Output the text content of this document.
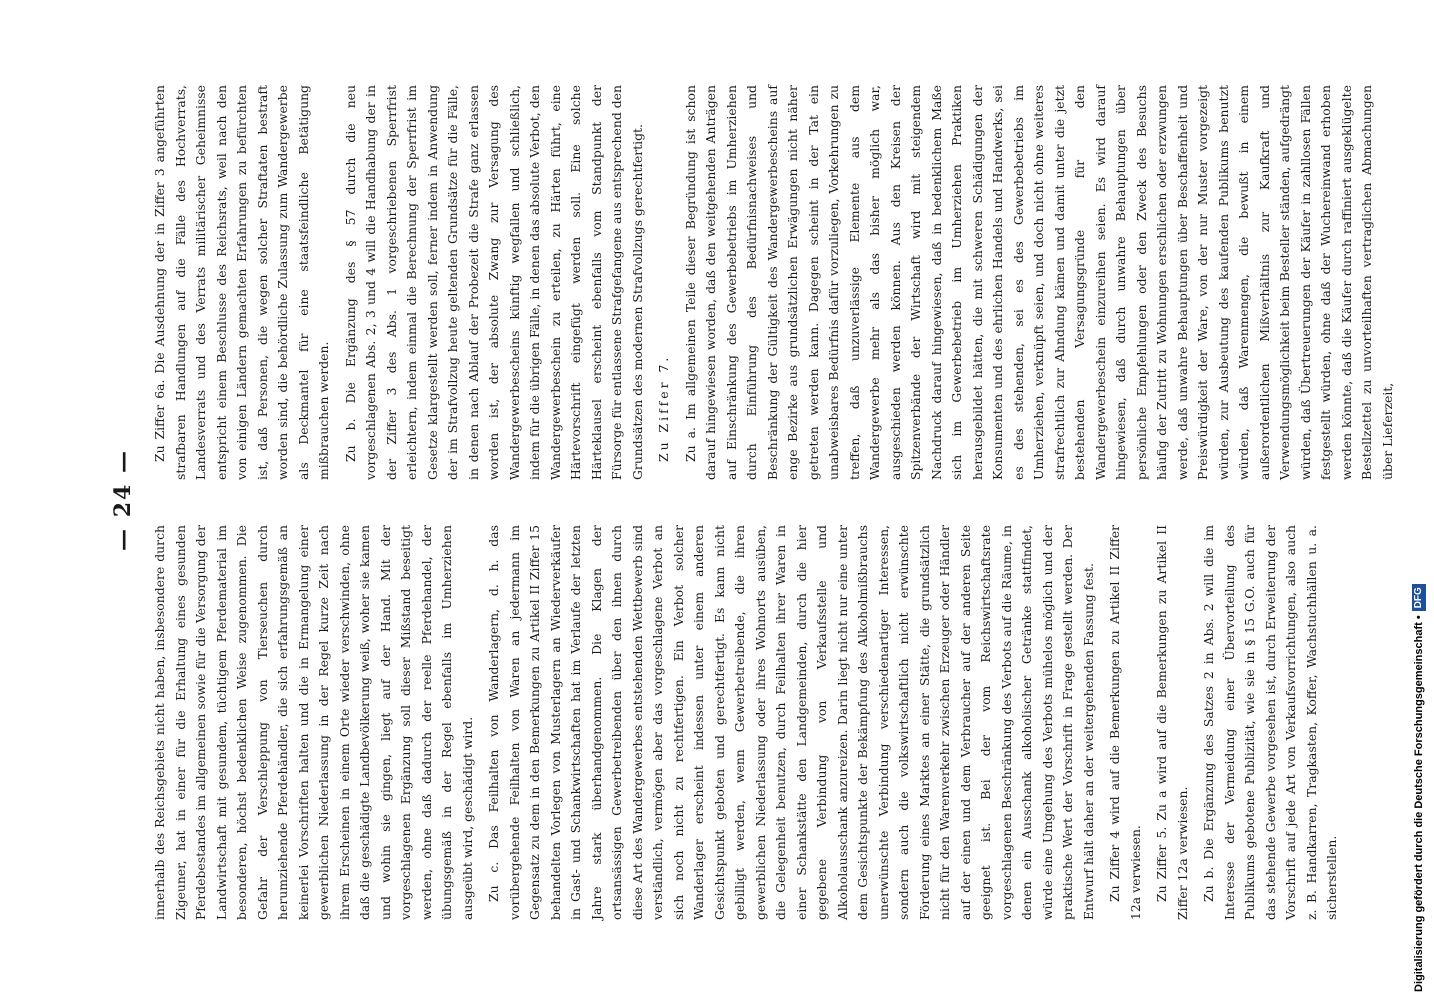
— 24 —

innerhalb des Reichsgebiets nicht haben, insbesondere durch Zigeuner, hat in einer für die Erhaltung eines gesunden Pferdebestandes im allgemeinen sowie für die Versorgung der Landwirtschaft mit gesundem, tüchtigem Pferdematerial im besonderen, höchst bedenklichen Weise zugenommen. Die Gefahr der Verschleppung von Tierseuchen durch herumziehende Pferdehändler, die sich erfahrungsgemäß an keinerlei Vorschriften halten und die in Ermangelung einer gewerblichen Niederlassung in der Regel kurze Zeit nach ihrem Erscheinen in einem Orte wieder verschwinden, ohne daß die geschädigte Landbevölkerung weiß, woher sie kamen und wohin sie gingen, liegt auf der Hand. Mit der vorgeschlagenen Ergänzung soll dieser Mißstand beseitigt werden, ohne daß dadurch der reelle Pferdehandel, der übungsgemäß in der Regel ebenfalls im Umherziehen ausgeübt wird, geschädigt wird. Zu c. Das Feilhalten von Wanderlagern, d. h. das vorübergehende Feilhalten von Waren an jedermann im Gegensatz zu dem in den Bemerkungen zu Artikel II Ziffer 15 behandelten Vorlegen von Musterlagern an Wiederverkäufer in Gast- und Schankwirtschaften hat im Verlaufe der letzten Jahre stark überhandgenommen. Die Klagen der ortsansässigen Gewerbetreibenden über den ihnen durch diese Art des Wandergewerbes entstehenden Wettbewerb sind verständlich, vermögen aber das vorgeschlagene Verbot an sich noch nicht zu rechtfertigen. Ein Verbot solcher Wanderlager erscheint indessen unter einem anderen Gesichtspunkt geboten und gerechtfertigt. Es kann nicht gebilligt werden, wenn Gewerbetreibende, die ihren gewerblichen Niederlassung oder ihres Wohnorts ausüben, die Gelegenheit benutzen, durch Feilhalten ihrer Waren in einer Schankstätte den Landgemeinden, durch die hier gegebene Verbindung von Verkaufsstelle und Alkoholausschank anzureizen. Darin liegt nicht nur eine unter dem Gesichtspunkte der Bekämpfung des Alkoholmißbrauchs unerwünschte Verbindung verschiedenartiger Interessen, sondern auch die volkswirtschaftlich nicht erwünschte Förderung eines Marktes an einer Stätte, die grundsätzlich nicht für den Warenverkehr zwischen Erzeuger oder Händler auf der einen und dem Verbraucher auf der anderen Seite geeignet ist. Bei der vom Reichswirtschaftsrate vorgeschlagenen Beschränkung des Verbots auf die Räume, in denen ein Ausschank alkoholischer Getränke stattfindet, würde eine Umgehung des Verbots mühelos möglich und der praktische Wert der Vorschrift in Frage gestellt werden. Der Entwurf hält daher an der weitergehenden Fassung fest. Zu Ziffer 4 wird auf die Bemerkungen zu Artikel II Ziffer 12a verwiesen. Zu Ziffer 5. Zu a wird auf die Bemerkungen zu Artikel II Ziffer 12a verwiesen. Zu b. Die Ergänzung des Satzes 2 in Abs. 2 will die im Interesse der Vermeidung einer Übervorteilung des Publikums gebotene Publizität, wie sie in § 15 G.O. auch für das stehende Gewerbe vorgesehen ist, durch Erweiterung der Vorschrift auf jede Art von Verkaufsvorrichtungen, also auch z. B. Handkarren, Tragkasten, Koffer, Wachstuchhällen u. a. sicherstellen.

Zu Ziffer 6a. Die Ausdehnung der in Ziffer 3 angeführten strafbaren Handlungen auf die Fälle des Hochverrats, Landesverrats und des Verrats militärischer Geheimnisse entspricht einem Beschlusse des Reichsrats, weil nach den von einigen Ländern gemachten Erfahrungen zu befürchten ist, daß Personen, die wegen solcher Straftaten bestraft worden sind, die behördliche Zulassung zum Wandergewerbe als Deckmantel für eine staatsfeindliche Betätigung mißbrauchen werden. Zu b. Die Ergänzung des § 57 durch die neu vorgeschlagenen Abs. 2, 3 und 4 will die Handhabung der in der Ziffer 3 des Abs. 1 vorgeschriebenen Sperrfrist erleichtern, indem einmal die Berechnung der Sperrfrist im Gesetze klargestellt werden soll, ferner indem in Anwendung der im Strafvollzug heute geltenden Grundsätze für die Fälle, in denen nach Ablauf der Probezeit die Strafe ganz erlassen worden ist, der absolute Zwang zur Versagung des Wandergewerbescheins künftig wegfallen und schließlich, indem für die übrigen Fälle, in denen das absolute Verbot, den Wandergewerbeschein zu erteilen, zu Härten führt, eine Härtevorschrift eingefügt werden soll. Eine solche Härteklausel erscheint ebenfalls vom Standpunkt der Fürsorge für entlassene Strafgefangene aus entsprechend den Grundsätzen des modernen Strafvollzugs gerechtfertigt. Zu Ziffer 7. Zu a. Im allgemeinen Teile dieser Begründung ist schon darauf hingewiesen worden, daß den weitgehenden Anträgen auf Einschränkung des Gewerbebetriebs im Umherziehen durch Einführung des Bedürfnisnachweises und Beschränkung der Gültigkeit des Wandergewerbescheins auf enge Bezirke aus grundsätzlichen Erwägungen nicht näher getreten werden kann. Dagegen scheint in der Tat ein unabweisbares Bedürfnis dafür vorzuliegen, Vorkehrungen zu treffen, daß unzuverlässige Elemente aus dem Wandergewerbe mehr als das bisher möglich war, ausgeschieden werden können. Aus den Kreisen der Spitzenverbände der Wirtschaft wird mit steigendem Nachdruck darauf hingewiesen, daß in bedenklichem Maße sich im Gewerbebetrieb im Umherziehen Praktiken herausgebildet hätten, die mit schweren Schädigungen der Konsumenten und des ehrlichen Handels und Handwerks, sei es des stehenden, sei es des Gewerbebetriebs im Umherziehen, verknüpft seien, und doch nicht ohne weiteres strafrechtlich zur Ahndung kämen und damit unter die jetzt bestehenden Versagungsgründe für den Wandergewerbeschein einzureihen seien. Es wird darauf hingewiesen, daß durch unwahre Behauptungen über persönliche Empfehlungen oder den Zweck des Besuchs häufig der Zutritt zu Wohnungen erschlichen oder erzwungen werde, daß unwahre Behauptungen über Beschaffenheit und Preiswürdigkeit der Ware, von der nur Muster vorgezeigt würden, zur Ausbeutung des kaufenden Publikums benutzt würden, daß Warenmengen, die bewußt in einem außerordentlichen Mißverhältnis zur Kaufkraft und Verwendungsmöglichkeit beim Besteller ständen, aufgedrängt würden, daß Übertreuerungen der Käufer in zahllosen Fällen festgestellt würden, ohne daß der Wuchereinwand erhoben werden könnte, daß die Käufer durch raffiniert ausgeklügelte Bestellzettel zu unvorteilhaften vertraglichen Abmachungen über Lieferzeit,

Digitalisierung gefördert durch die Deutsche Forschungsgemeinschaft •DFG
